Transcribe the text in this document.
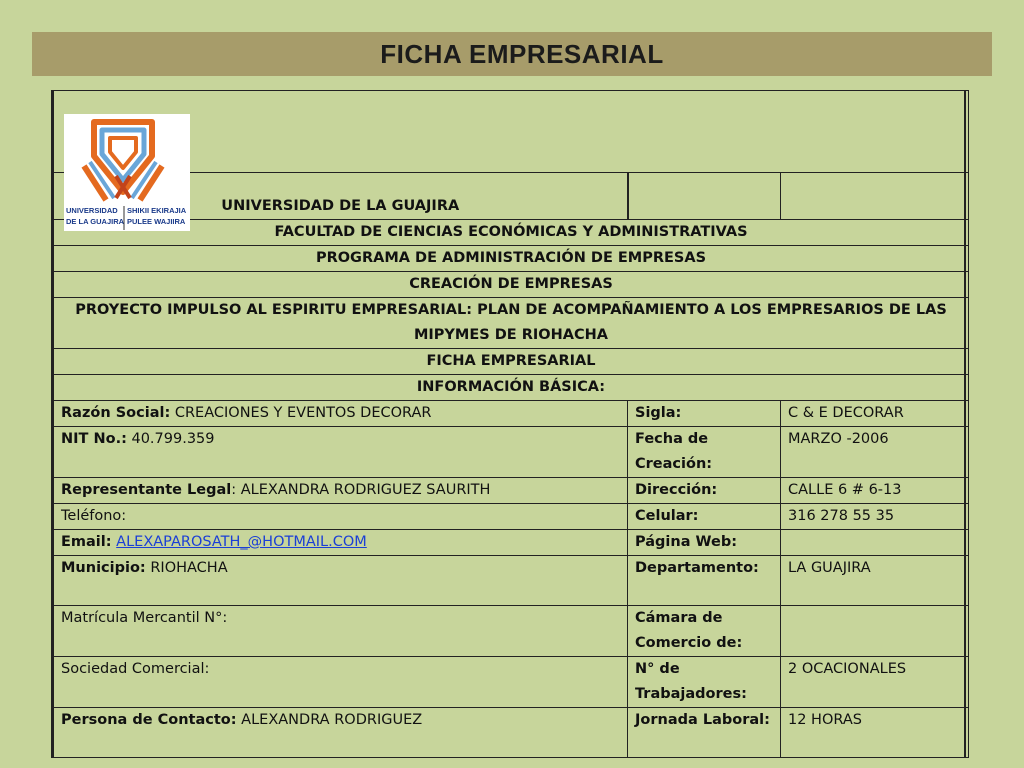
FICHA EMPRESARIAL

UNIVERSIDAD DE LA GUAJIRA		
FACULTAD DE CIENCIAS ECONÓMICAS Y ADMINISTRATIVAS		
PROGRAMA DE ADMINISTRACIÓN DE EMPRESAS		
CREACIÓN DE EMPRESAS		
PROYECTO IMPULSO AL ESPIRITU EMPRESARIAL: PLAN DE ACOMPAÑAMIENTO A LOS EMPRESARIOS DE LAS MIPYMES DE RIOHACHA		
FICHA EMPRESARIAL		
INFORMACIÓN BÁSICA:		
Razón Social: CREACIONES Y EVENTOS DECORAR	Sigla:	C & E DECORAR
NIT No.: 40.799.359	Fecha de Creación:	MARZO -2006
Representante Legal: ALEXANDRA RODRIGUEZ SAURITH	Dirección:	CALLE 6 # 6-13
Teléfono:	Celular:	316 278 55 35
Email: ALEXAPAROSATH_@HOTMAIL.COM	Página Web:	
Municipio: RIOHACHA	Departamento:	LA GUAJIRA
Matrícula Mercantil N°:	Cámara de Comercio de:	
Sociedad Comercial:	N° de Trabajadores:	2 OCACIONALES
Persona de Contacto: ALEXANDRA RODRIGUEZ	Jornada Laboral:	12 HORAS
UNIVERSIDAD
DE LA GUAJIRA
SHIKII EKIRAJIA
PULEE WAJIIRA
